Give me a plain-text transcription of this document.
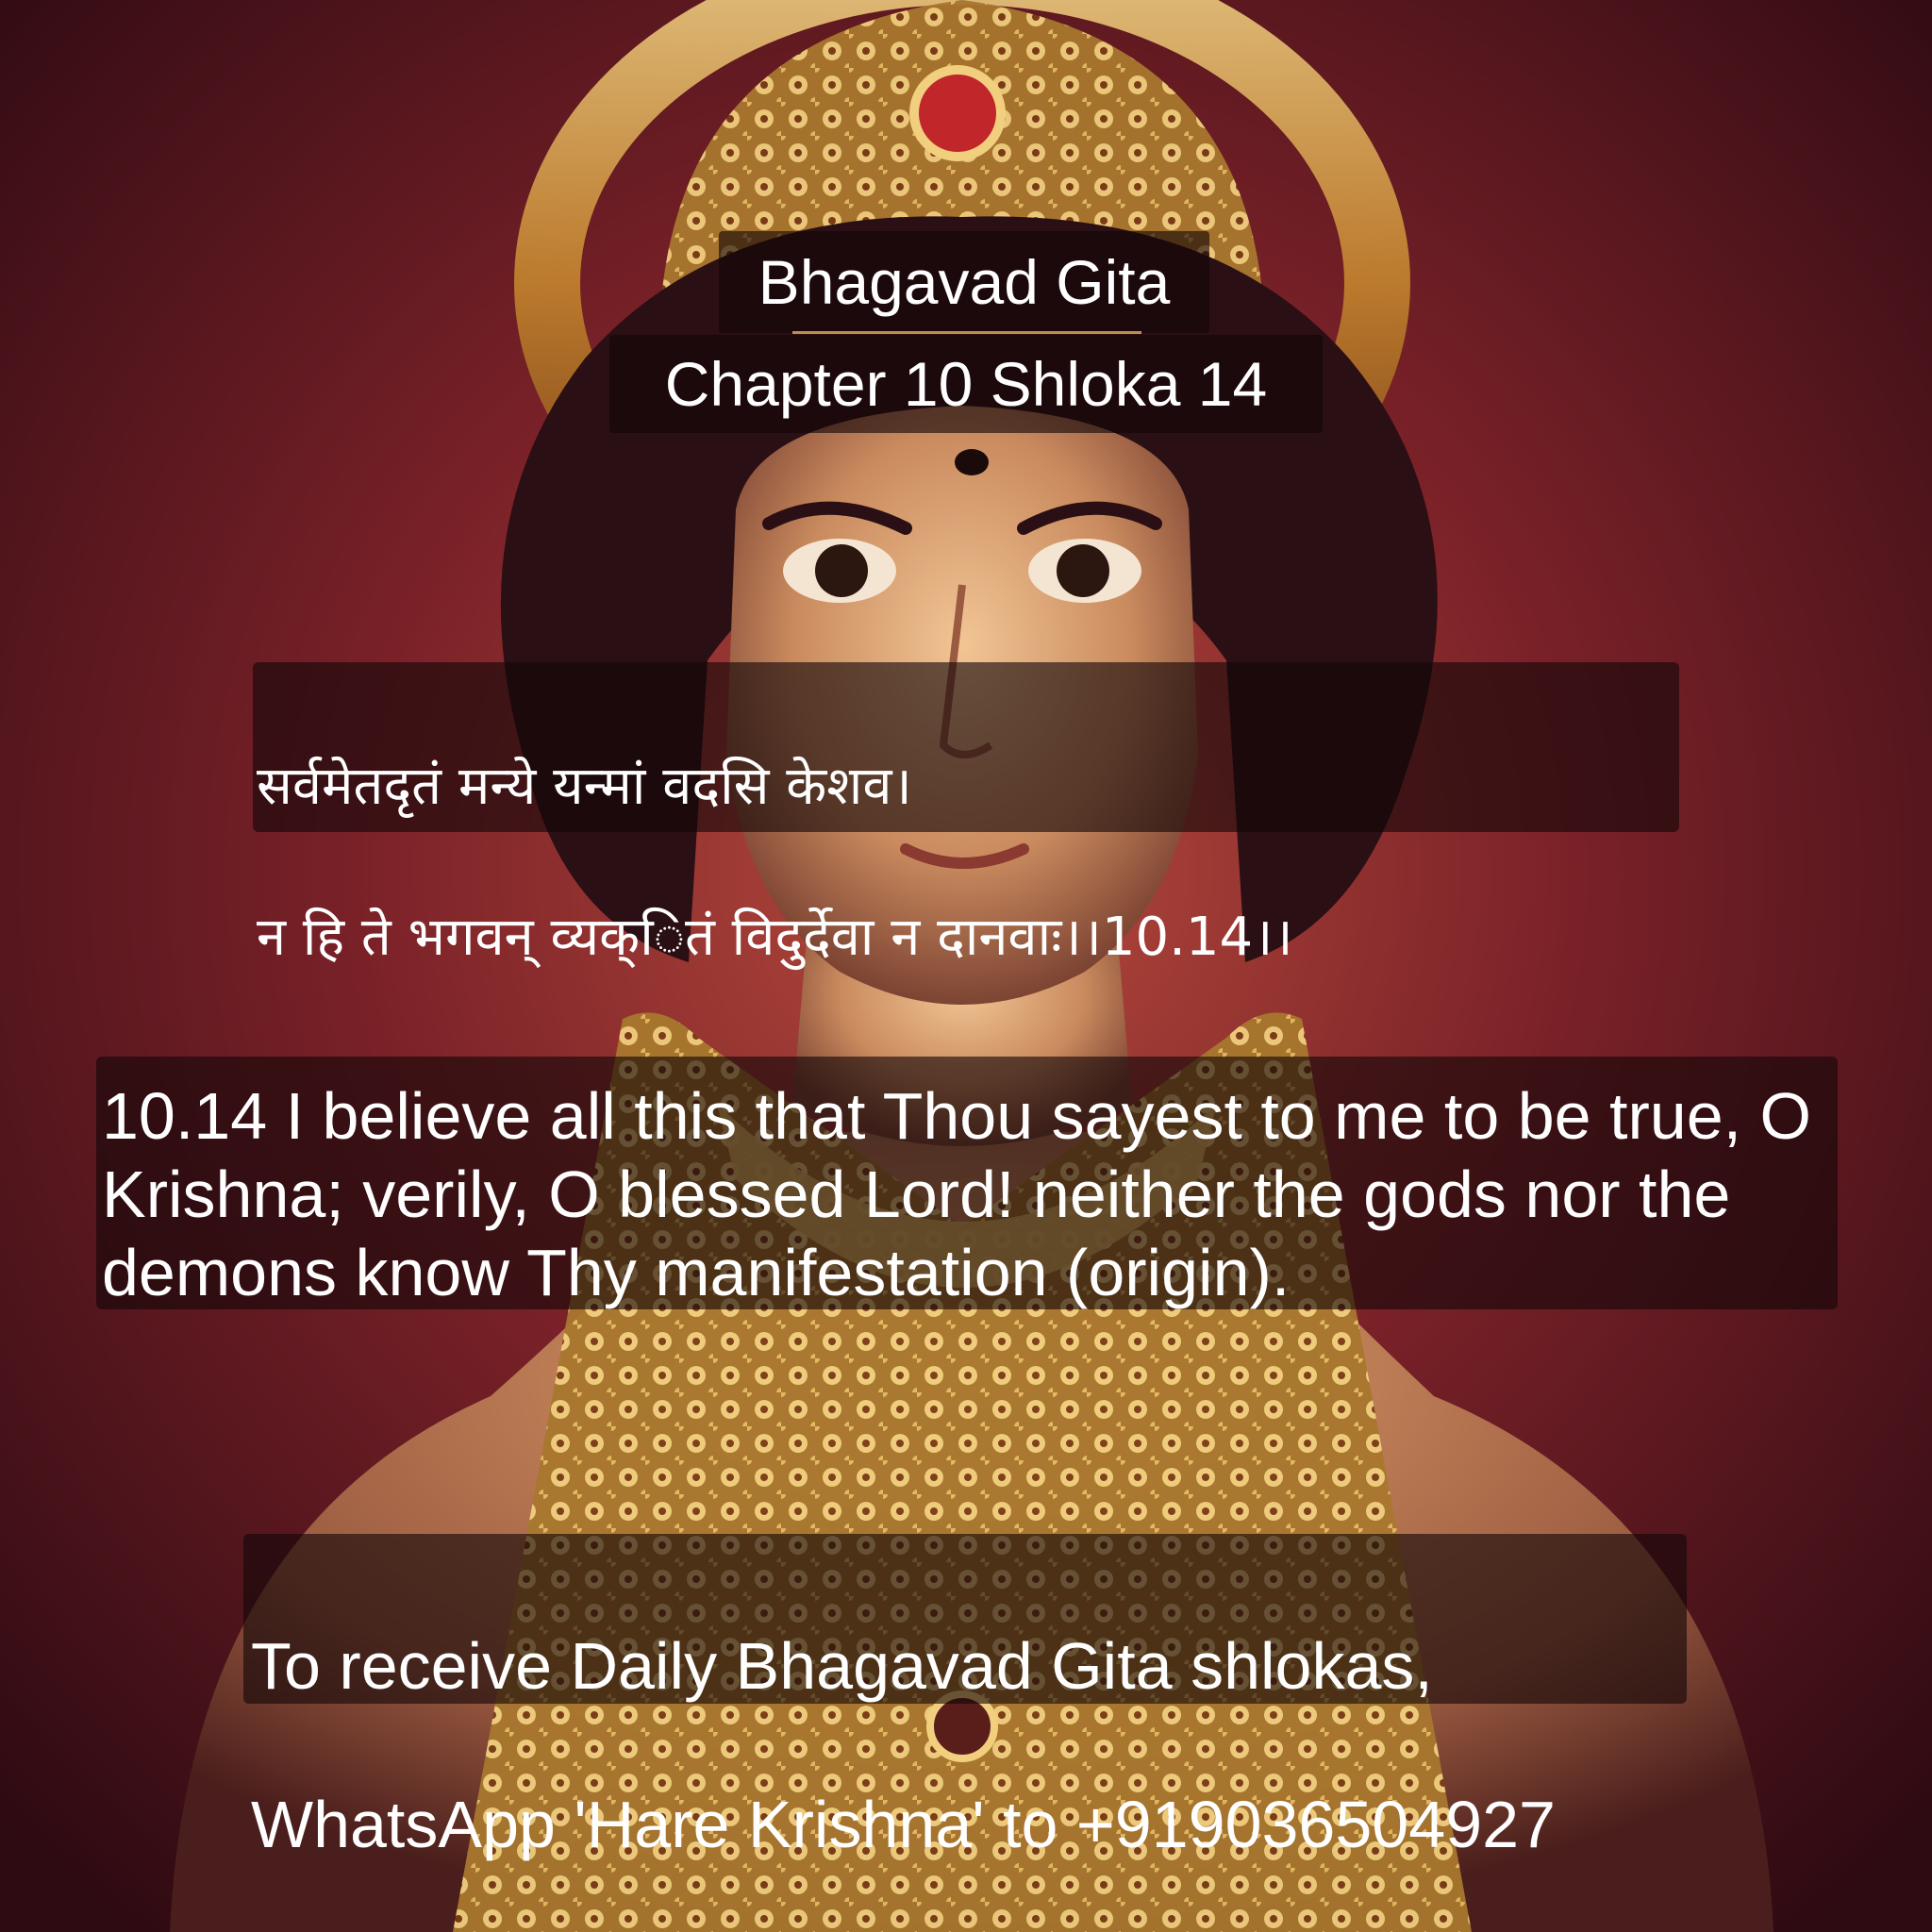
Bhagavad Gita
Chapter 10 Shloka 14

सर्वमेतदृतं मन्ये यन्मां वदसि केशव।

न हि ते भगवन् व्यक्ितं विदुर्देवा न दानवाः।।10.14।।

10.14 I believe all this that Thou sayest to me to be true, O Krishna; verily, O blessed Lord! neither the gods nor the demons know Thy manifestation (origin).

To receive Daily Bhagavad Gita shlokas,

WhatsApp 'Hare Krishna' to +919036504927
